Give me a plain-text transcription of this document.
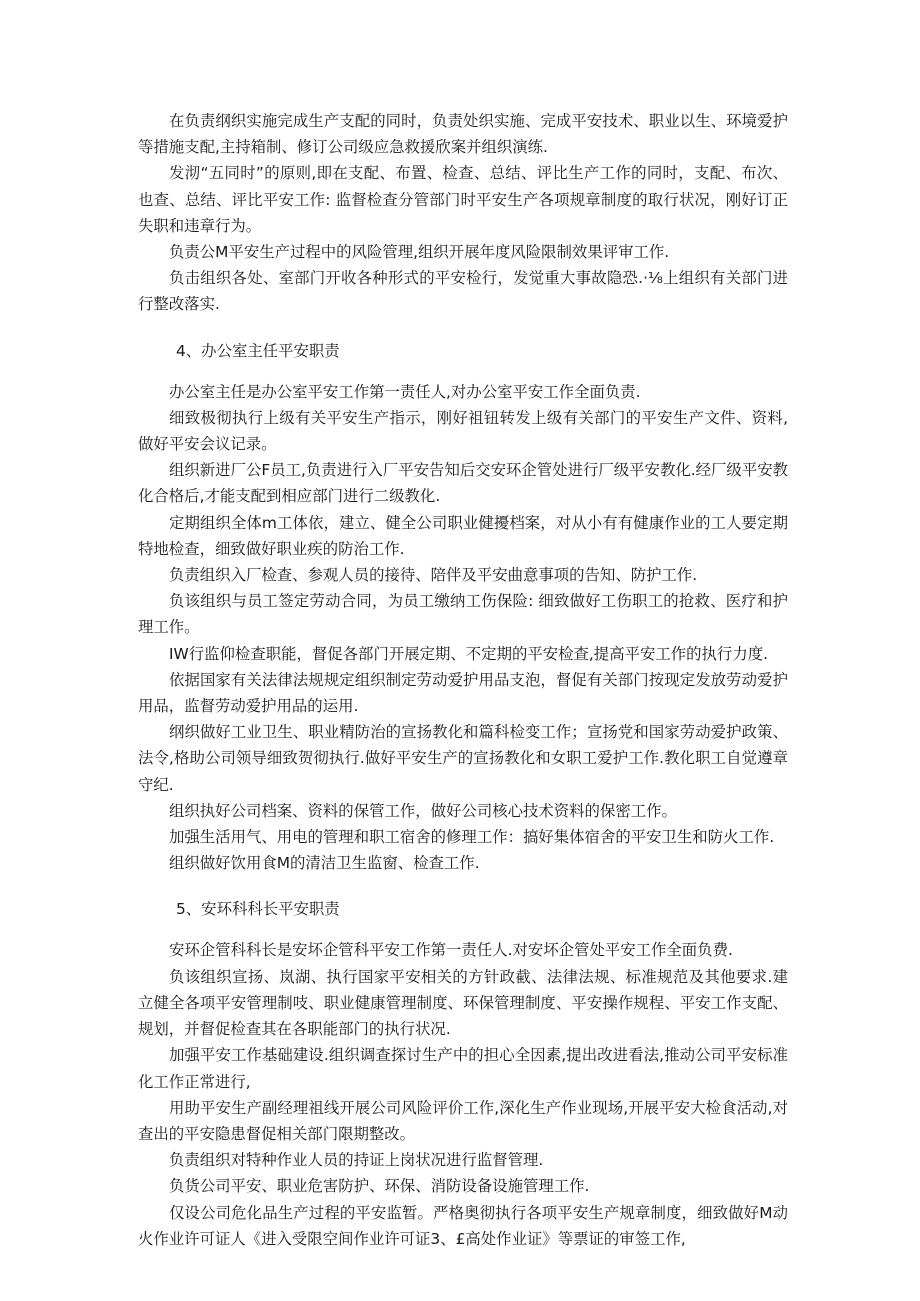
在负责纲织实施完成生产支配的同时，负责处织实施、完成平安技术、职业以生、环境爱护等措施支配,主持箱制、修订公司级应急救援欣案并组织演练.

发沏“五同时”的原则,即在支配、布置、检查、总结、评比生产工作的同时，支配、布次、也查、总结、评比平安工作: 监督检查分管部门时平安生产各项规章制度的取行状况，刚好订正失职和违章行为。

负责公M平安生产过程中的风险管理,组织开展年度风险限制效果评审工作.

负击组织各处、室部门开收各种形式的平安检行，发觉重大事故隐恐.·⅛上组织有关部门进行整改落实.

4、办公室主任平安职责

办公室主任是办公室平安工作第一责任人,对办公室平安工作全面负责.

细致极彻执行上级有关平安生产指示，刚好祖钮转发上级有关部门的平安生产文件、资料,做好平安会议记录。

组织新进厂公F员工,负责进行入厂平安告知后交安环企管处进行厂级平安教化.经厂级平安教化合格后,才能支配到相应部门进行二级教化.

定期组织全体m工体依，建立、健全公司职业健擾档案，对从小有有健康作业的工人要定期特地检查，细致做好职业疾的防治工作.

负责组织入厂检查、参观人员的接待、陪伴及平安曲意事项的告知、防护工作.

负该组织与员工签定劳动合同，为员工缴纳工伤保险: 细致做好工伤职工的抢救、医疗和护理工作。

IW行监仰检查职能，督促各部门开展定期、不定期的平安检查,提高平安工作的执行力度.

依据国家有关法律法规规定组织制定劳动爱护用品支泡，督促有关部门按现定发放劳动爱护用品，监督劳动爱护用品的运用.

纲织做好工业卫生、职业精防治的宣扬教化和篇科检变工作；宣扬党和国家劳动爱护政策、法令,格助公司领导细致贺彻执行.做好平安生产的宣扬教化和女职工爱护工作.教化职工自觉遵章守纪.

组织执好公司档案、资料的保管工作，做好公司核心技术资料的保密工作。

加强生活用气、用电的管理和职工宿舍的修理工作：搞好集体宿舍的平安卫生和防火工作.

组织做好饮用食M的清洁卫生监窗、检查工作.

5、安环科科长平安职责

安环企管科科长是安坏企管科平安工作第一责任人.对安坏企管处平安工作全面负费.

负该组织宣扬、岚湖、执行国家平安相关的方针政截、法律法规、标准规范及其他要求.建立健全各项平安管理制吱、职业健康管理制度、环保管理制度、平安操作规程、平安工作支配、规划，并督促检查其在各职能部门的执行状况.

加强平安工作基础建设.组织调查探讨生产中的担心全因素,提出改进看法,推动公司平安标准化工作正常进行,

用助平安生产副经理祖线开展公司风险评价工作,深化生产作业现场,开展平安大检食活动,对查出的平安隐患督促相关部门限期整改。

负责组织对特种作业人员的持证上岗状况进行监督管理.

负货公司平安、职业危害防护、环保、消防设备设施管理工作.

仅设公司危化品生产过程的平安监暂。严格奥彻执行各项平安生产规章制度，细致做好M动火作业许可证人《进入受限空间作业许可证3、£高处作业证》等票证的审签工作,
